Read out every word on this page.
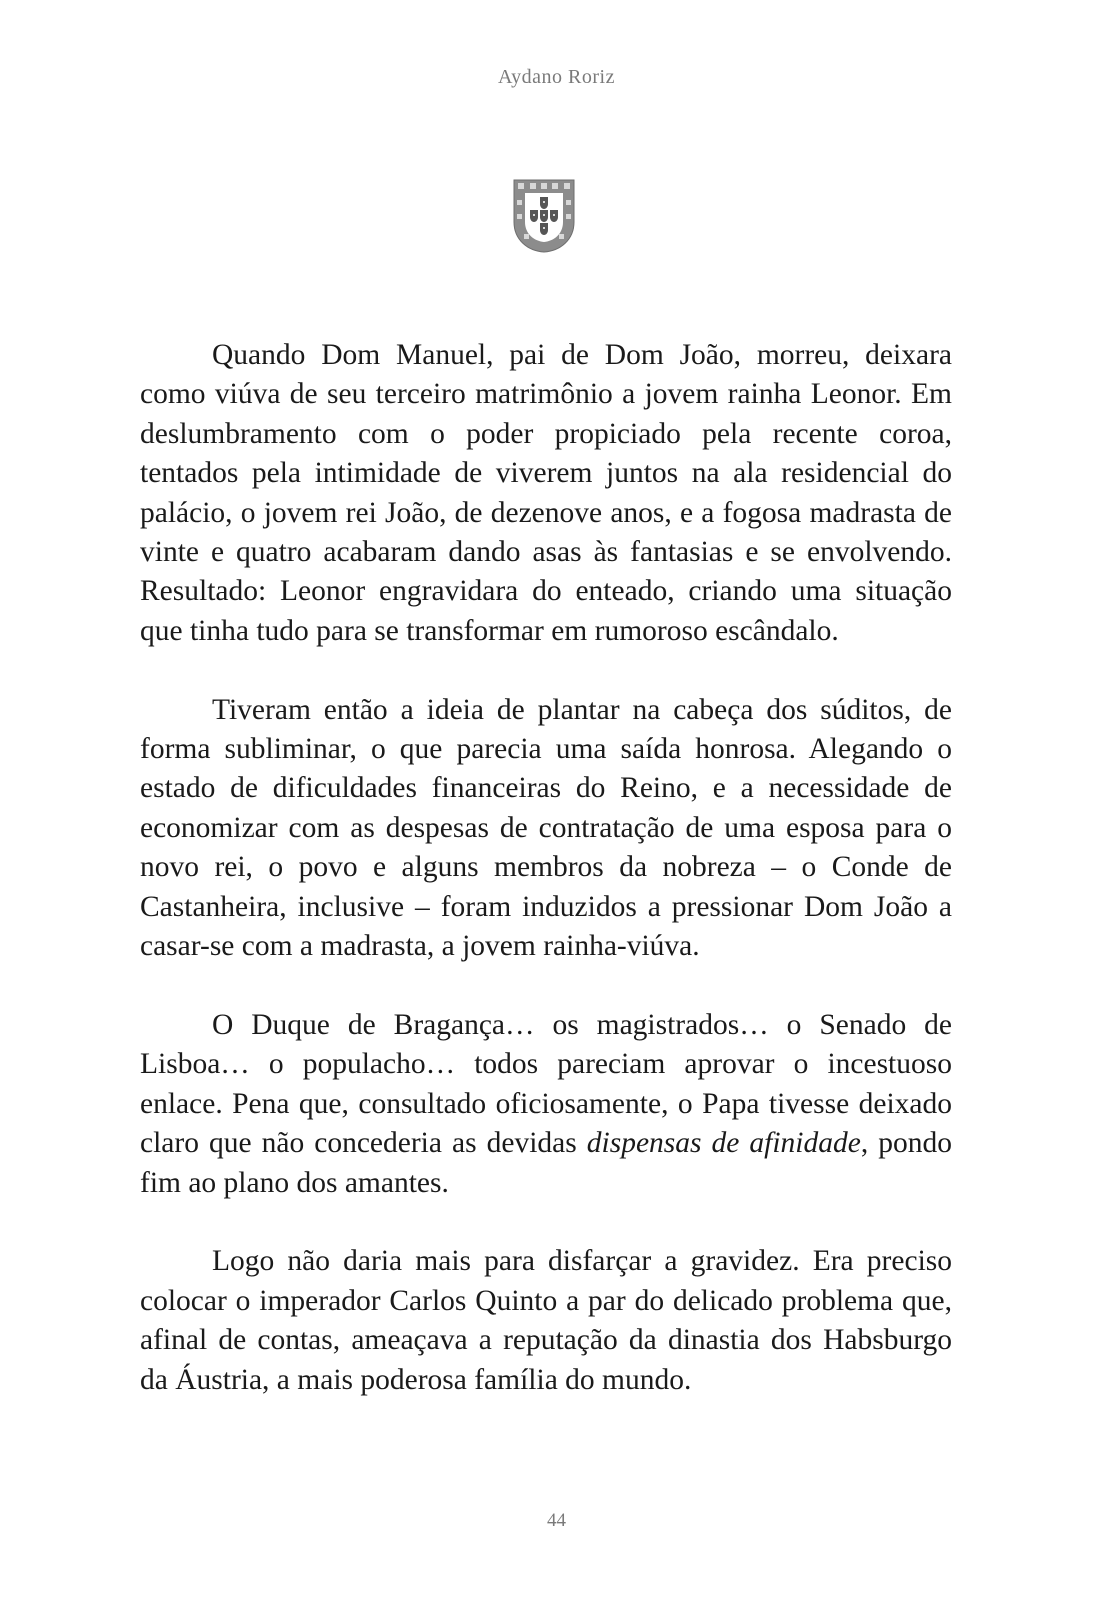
Aydano Roriz

Quando Dom Manuel, pai de Dom João, morreu, deixara como viúva de seu terceiro matrimônio a jovem rainha Leonor. Em deslumbramento com o poder propiciado pela recente coroa, tentados pela intimidade de viverem juntos na ala residencial do palácio, o jovem rei João, de dezenove anos, e a fogosa madrasta de vinte e quatro acabaram dando asas às fantasias e se envolvendo. Resultado: Leonor engravidara do enteado, criando uma situação que tinha tudo para se transformar em rumoroso escândalo.

Tiveram então a ideia de plantar na cabeça dos súditos, de forma subliminar, o que parecia uma saída honrosa. Alegando o estado de dificuldades financeiras do Reino, e a necessidade de economizar com as despesas de contratação de uma esposa para o novo rei, o povo e alguns membros da nobreza – o Conde de Castanheira, inclusive – foram induzidos a pressionar Dom João a casar-se com a madrasta, a jovem rainha-viúva.

O Duque de Bragança… os magistrados… o Senado de Lisboa… o populacho… todos pareciam aprovar o incestuoso enlace. Pena que, consultado oficiosamente, o Papa tivesse deixado claro que não concederia as devidas dispensas de afinidade, pondo fim ao plano dos amantes.

Logo não daria mais para disfarçar a gravidez. Era preciso colocar o imperador Carlos Quinto a par do delicado problema que, afinal de contas, ameaçava a reputação da dinastia dos Habsburgo da Áustria, a mais poderosa família do mundo.

44
